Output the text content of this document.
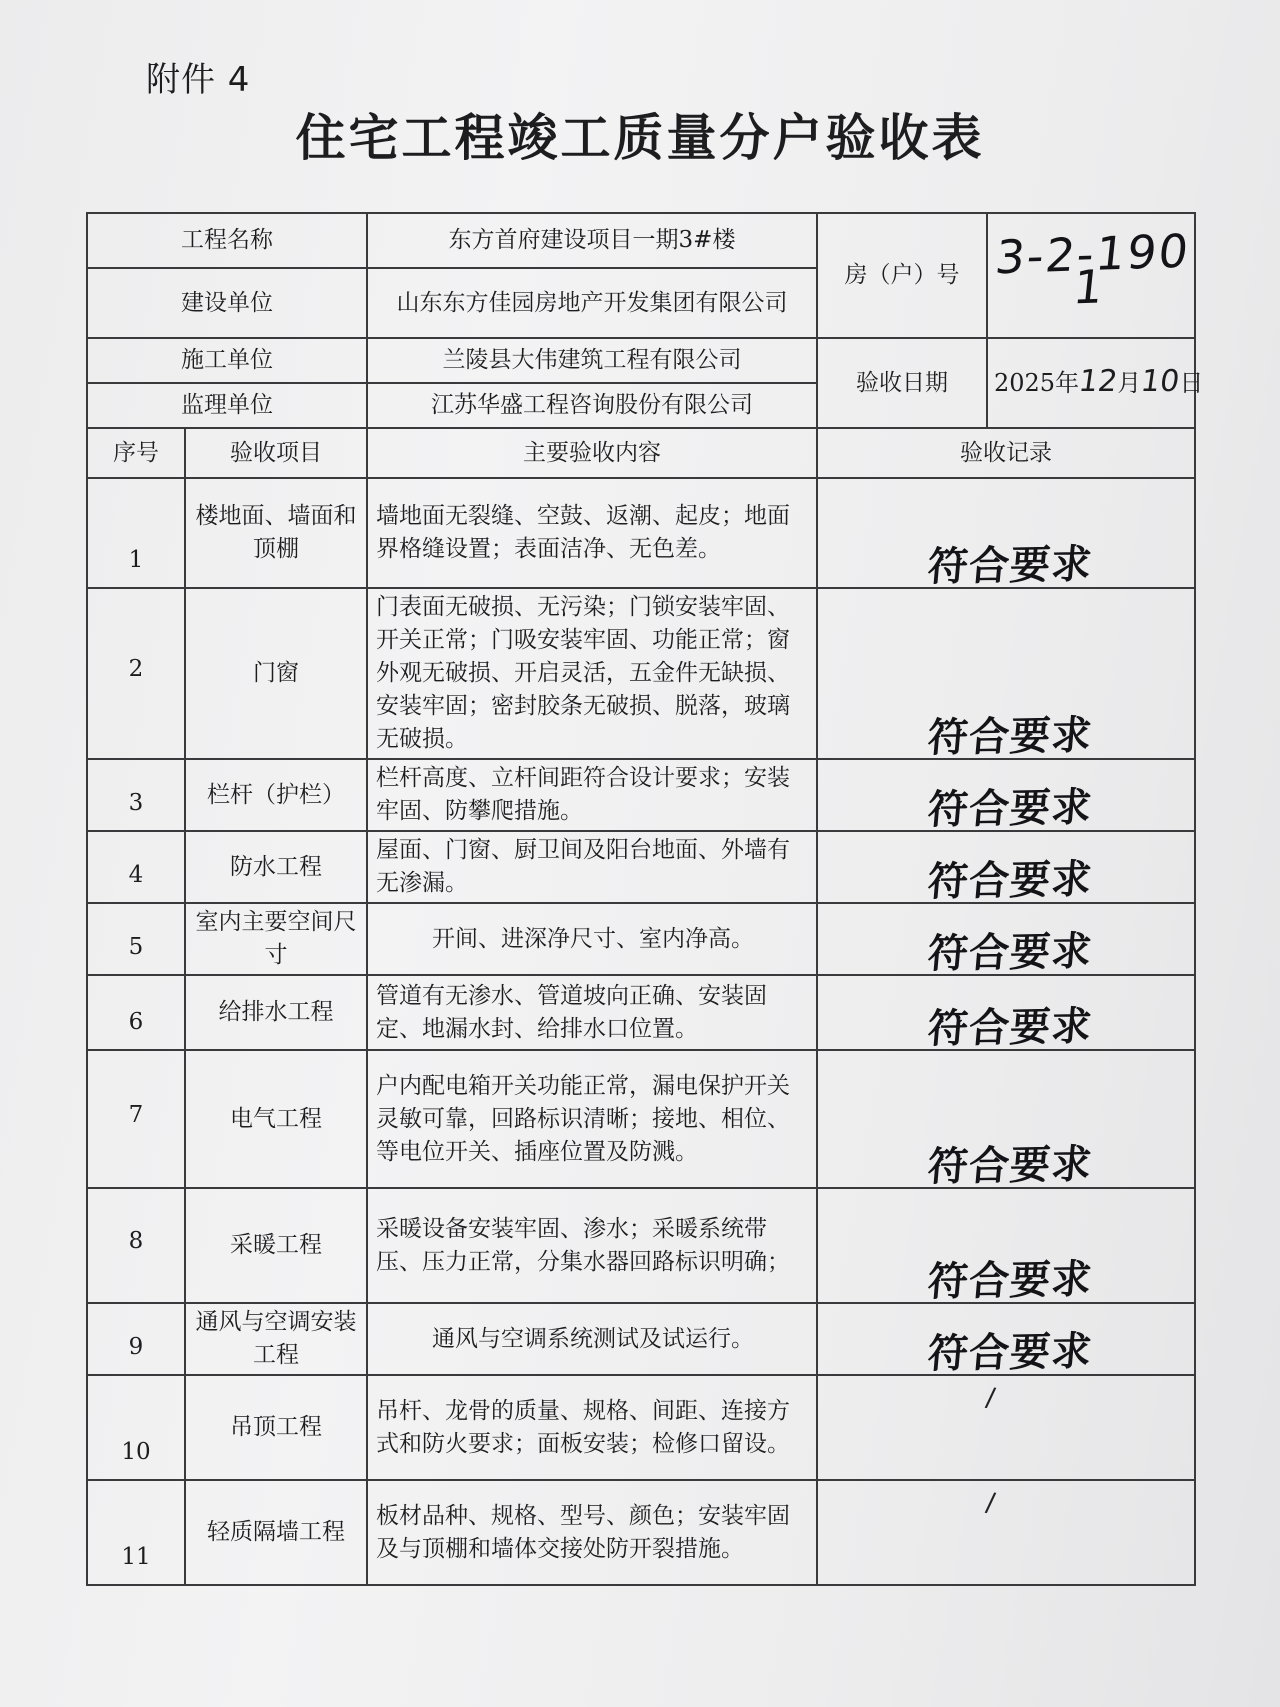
附件 4
住宅工程竣工质量分户验收表
工程名称		东方首府建设项目一期3#楼	房（户）号	3-2-1901
建设单位		山东东方佳园房地产开发集团有限公司		
施工单位		兰陵县大伟建筑工程有限公司	验收日期	2025年12月10日
监理单位		江苏华盛工程咨询股份有限公司		
序号	验收项目	主要验收内容	验收记录	
1	楼地面、墙面和顶棚	墙地面无裂缝、空鼓、返潮、起皮；地面界格缝设置；表面洁净、无色差。	符合要求	

2	门窗	门表面无破损、无污染；门锁安装牢固、开关正常；门吸安装牢固、功能正常；窗外观无破损、开启灵活，五金件无缺损、 安装牢固；密封胶条无破损、脱落，玻璃无破损。	符合要求	

3	栏杆（护栏）	栏杆高度、立杆间距符合设计要求；安装牢固、防攀爬措施。	符合要求	

4	防水工程	屋面、门窗、厨卫间及阳台地面、外墙有无渗漏。	符合要求	

5	室内主要空间尺寸	开间、进深净尺寸、室内净高。	符合要求	

6	给排水工程	管道有无渗水、管道坡向正确、安装固定、地漏水封、给排水口位置。	符合要求	

7	电气工程	户内配电箱开关功能正常，漏电保护开关灵敏可靠，回路标识清晰；接地、相位、等电位开关、插座位置及防溅。	符合要求	

8	采暖工程	采暖设备安装牢固、渗水；采暖系统带压、压力正常，分集水器回路标识明确；	符合要求	

9	通风与空调安装工程	通风与空调系统测试及试运行。	符合要求	

10	吊顶工程	吊杆、龙骨的质量、规格、间距、连接方式和防火要求；面板安装；检修口留设。	/	

11	轻质隔墙工程	板材品种、规格、型号、颜色；安装牢固及与顶棚和墙体交接处防开裂措施。	/	
